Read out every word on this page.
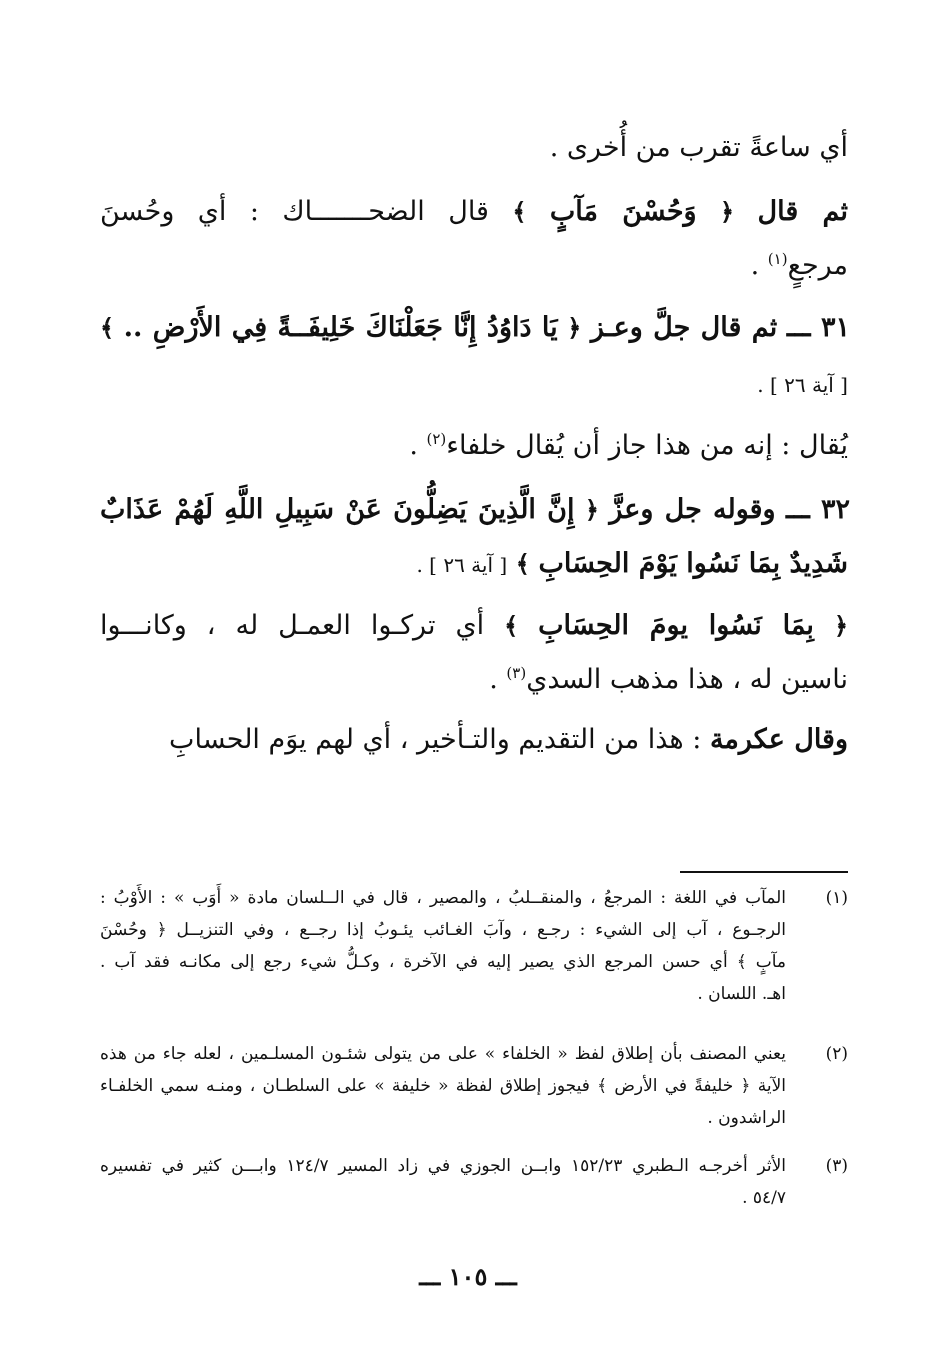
أي ساعةً تقرب من أُخرى .
ثم قال ﴿ وَحُسْنَ مَآبٍ ﴾ قال الضحـــــــاك : أي وحُسنَ
مرجعٍ$^{(١)}$ .
٣١ ـــ ثم قال جلَّ وعـز ﴿ يَا دَاوُدُ إِنَّا جَعَلْنَاكَ خَلِيفَــةً فِي الأَرْضِ .. ﴾
[ آية ٢٦ ] .
يُقال : إنه من هذا جاز أن يُقال خلفاء$^{(٢)}$ .
٣٢ ـــ وقوله جل وعزَّ ﴿ إِنَّ الَّذِينَ يَضِلُّونَ عَنْ سَبِيلِ اللَّهِ لَهُمْ عَذَابٌ
شَدِيدٌ بِمَا نَسُوا يَوْمَ الحِسَابِ ﴾ [ آية ٢٦ ] .
﴿ بِمَا نَسُوا يومَ الحِسَابِ ﴾ أي تركـوا العمـل له ، وكانـــوا
ناسين له ، هذا مذهب السدي$^{(٣)}$ .
وقال عكرمة : هذا من التقديم والتـأخير ، أي لهم يوَم الحسابِ
(١)
المآب في اللغة : المرجعُ ، والمنقــلبُ ، والمصير ، قال في الــلسان مادة « أَوَب » : الأَوْبُ :
الرجـوع ، آب إلى الشيء : رجـع ، وآبَ الغـائب يئـوبُ إذا رجــع ، وفي التنزيــل ﴿ وحُسْنَ
مآبٍ ﴾ أي حسن المرجع الذي يصير إليه في الآخرة ، وكـلُّ شيء رجع إلى مكانـه فقد آب .
اهـ. اللسان .
(٢)
يعني المصنف بأن إطلاق لفظ « الخلفاء » على من يتولى شئـون المسلـمين ، لعله جاء من هذه
الآية ﴿ خليفةً في الأرض ﴾ فيجوز إطلاق لفظة « خليفة » على السلطـان ، ومنـه سمي الخلفـاء
الراشدون .
(٣)
الأثر أخرجـه الـطبري ١٥٢/٢٣ وابــن الجوزي في زاد المسير ١٢٤/٧ وابـــن كثير في تفسيره
٥٤/٧ .
ـــ ١٠٥ ـــ
